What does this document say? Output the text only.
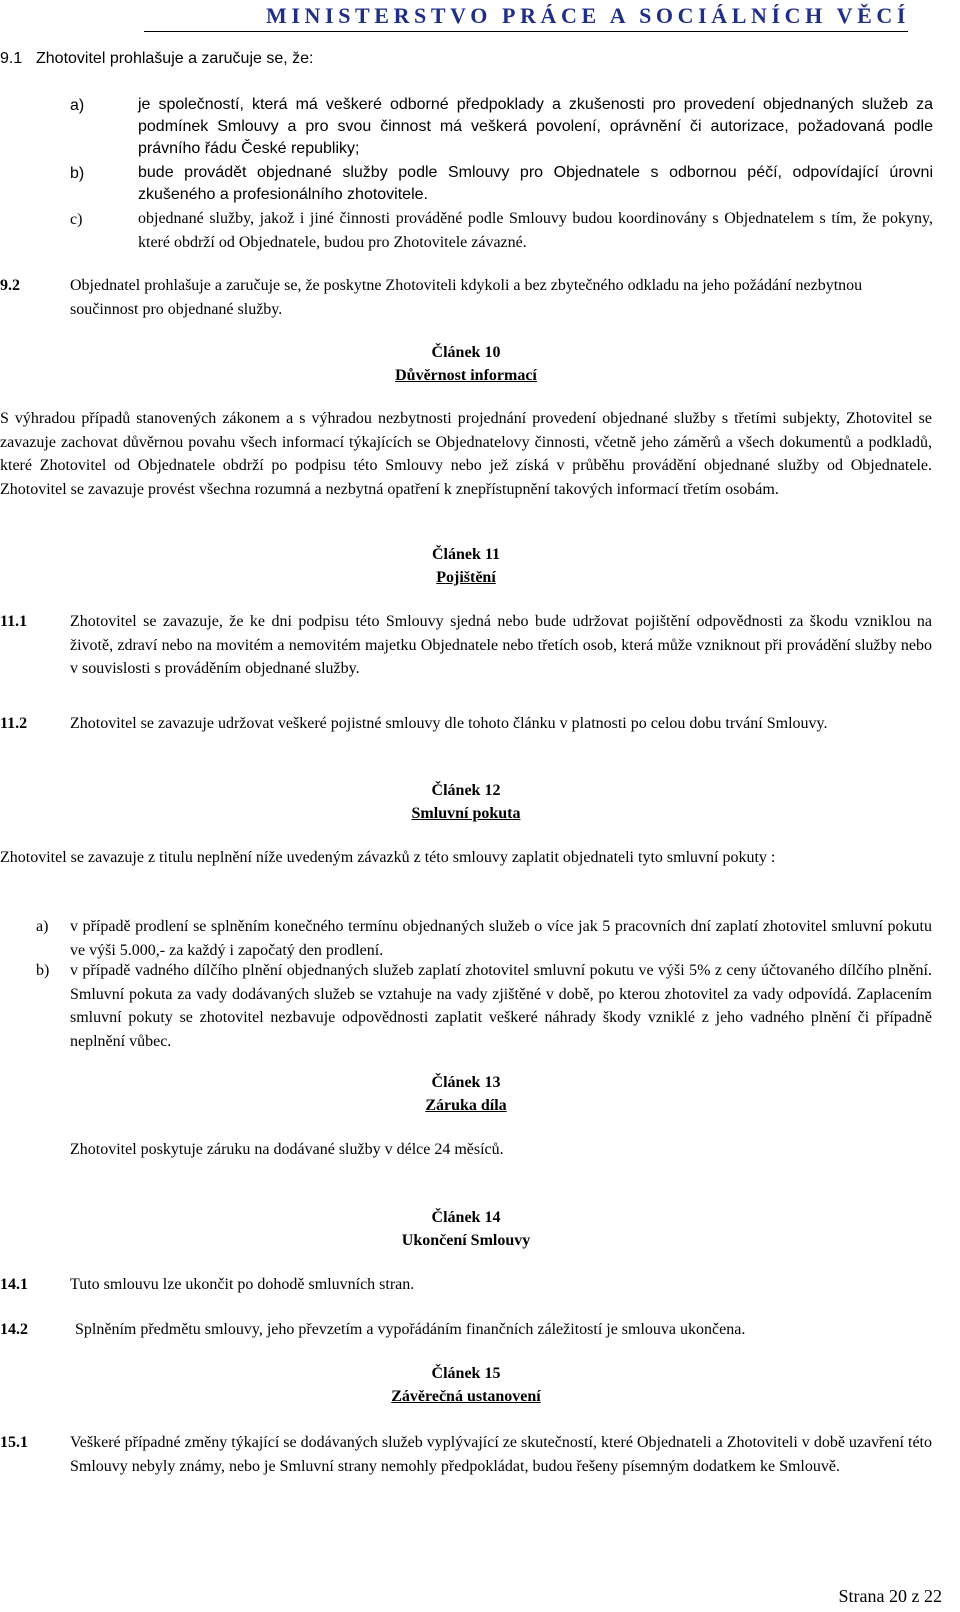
MINISTERSTVO PRÁCE A SOCIÁLNÍCH VĚCÍ
9.1 Zhotovitel prohlašuje a zaručuje se, že:
a)	je společností, která má veškeré odborné předpoklady a zkušenosti pro provedení objednaných služeb za podmínek Smlouvy a pro svou činnost má veškerá povolení, oprávnění či autorizace, požadovaná podle právního řádu České republiky;
b)	bude provádět objednané služby podle Smlouvy pro Objednatele s odbornou péčí, odpovídající úrovni zkušeného a profesionálního zhotovitele.
c)	objednané služby, jakož i jiné činnosti prováděné podle Smlouvy budou koordinovány s Objednatelem s tím, že pokyny, které obdrží od Objednatele, budou pro Zhotovitele závazné.
9.2	Objednatel prohlašuje a zaručuje se, že poskytne Zhotoviteli kdykoli a bez zbytečného odkladu na jeho požádání nezbytnou součinnost pro objednané služby.
Článek 10
Důvěrnost informací
S výhradou případů stanovených zákonem a s výhradou nezbytnosti projednání provedení objednané služby s třetími subjekty, Zhotovitel se zavazuje zachovat důvěrnou povahu všech informací týkajících se Objednatelovy činnosti, včetně jeho záměrů a všech dokumentů a podkladů, které Zhotovitel od Objednatele obdrží po podpisu této Smlouvy nebo jež získá v průběhu provádění objednané služby od Objednatele. Zhotovitel se zavazuje provést všechna rozumná a nezbytná opatření k znepřístupnění takových informací třetím osobám.
Článek 11
Pojištění
11.1	Zhotovitel se zavazuje, že ke dni podpisu této Smlouvy sjedná nebo bude udržovat pojištění odpovědnosti za škodu vzniklou na životě, zdraví nebo na movitém a nemovitém majetku Objednatele nebo třetích osob, která může vzniknout při provádění služby nebo v souvislosti s prováděním objednané služby.
11.2	Zhotovitel se zavazuje udržovat veškeré pojistné smlouvy dle tohoto článku v platnosti po celou dobu trvání Smlouvy.
Článek 12
Smluvní pokuta
Zhotovitel se zavazuje z titulu neplnění níže uvedeným závazků z této smlouvy zaplatit objednateli tyto smluvní pokuty :
a) v případě prodlení se splněním konečného termínu objednaných služeb o více jak 5 pracovních dní zaplatí zhotovitel smluvní pokutu ve výši 5.000,- za každý i započatý den prodlení.
b) v případě vadného dílčího plnění objednaných služeb zaplatí zhotovitel smluvní pokutu ve výši 5% z ceny účtovaného dílčího plnění. Smluvní pokuta za vady dodávaných služeb se vztahuje na vady zjištěné v době, po kterou zhotovitel za vady odpovídá. Zaplacením smluvní pokuty se zhotovitel nezbavuje odpovědnosti zaplatit veškeré náhrady škody vzniklé z jeho vadného plnění či případně neplnění vůbec.
Článek 13
Záruka díla
Zhotovitel poskytuje záruku na dodávané služby v délce 24 měsíců.
Článek 14
Ukončení Smlouvy
14.1	Tuto smlouvu lze ukončit po dohodě smluvních stran.
14.2	Splněním předmětu smlouvy, jeho převzetím a vypořádáním finančních záležitostí je smlouva ukončena.
Článek 15
Závěrečná ustanovení
15.1	Veškeré případné změny týkající se dodávaných služeb vyplývající ze skutečností, které Objednateli a Zhotoviteli v době uzavření této Smlouvy nebyly známy, nebo je Smluvní strany nemohly předpokládat, budou řešeny písemným dodatkem ke Smlouvě.
Strana 20 z 22
